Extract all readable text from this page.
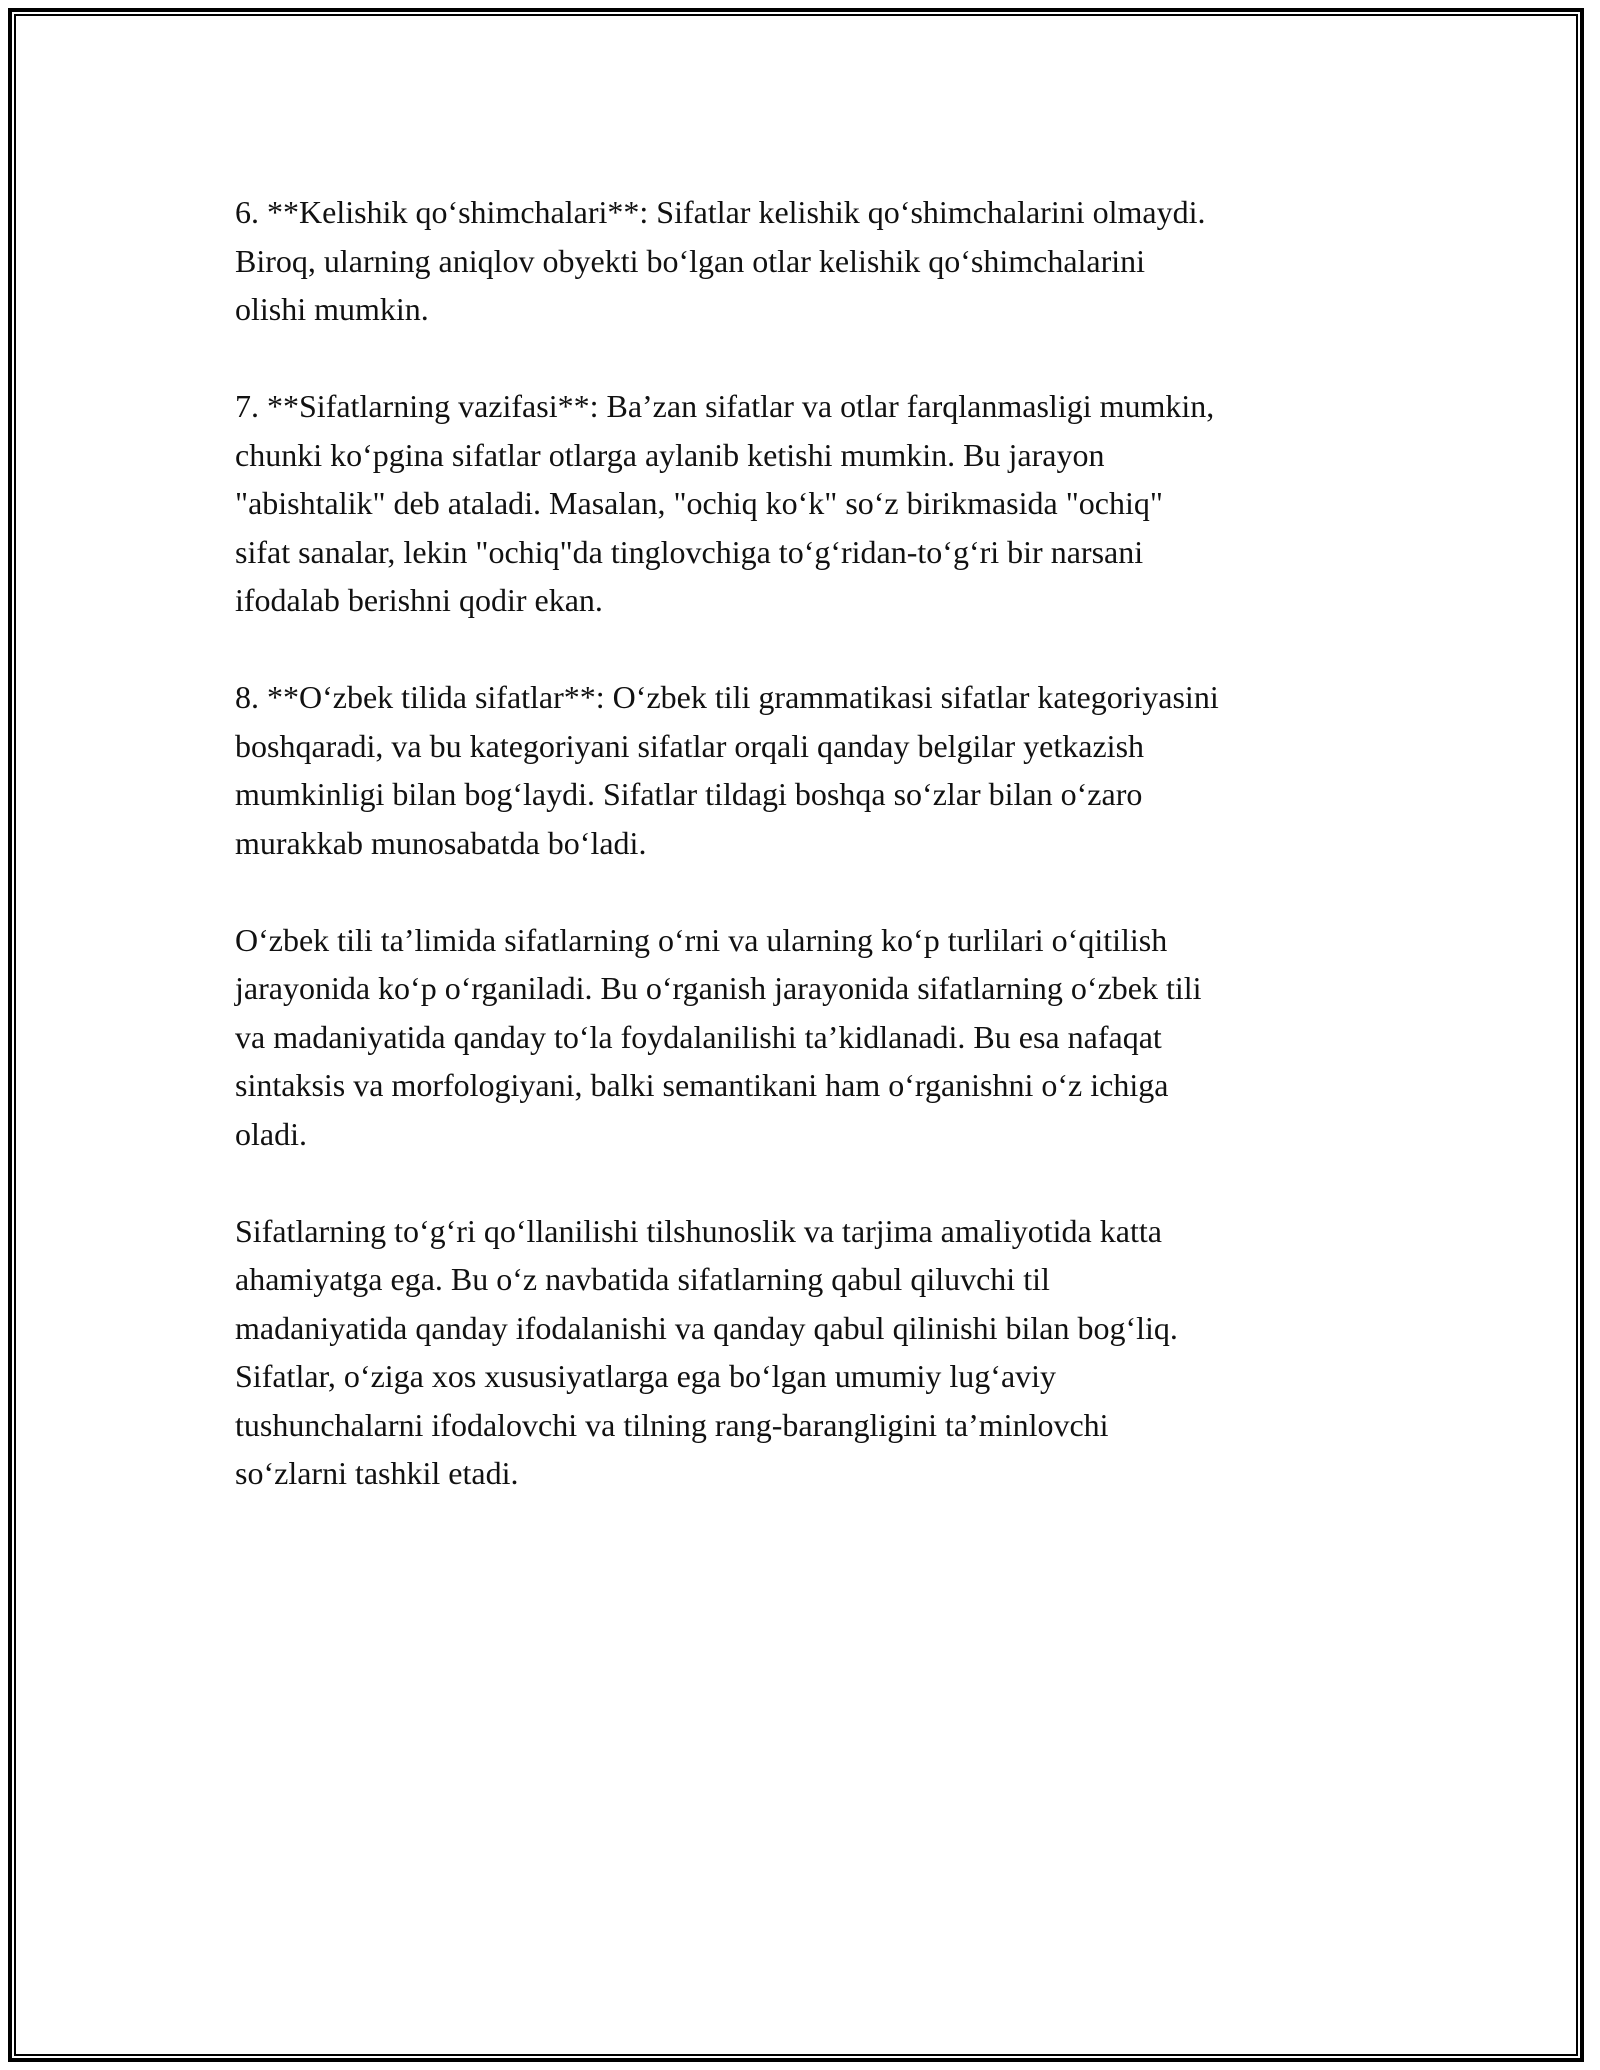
6. **Kelishik qo‘shimchalari**: Sifatlar kelishik qo‘shimchalarini olmaydi.
Biroq, ularning aniqlov obyekti bo‘lgan otlar kelishik qo‘shimchalarini
olishi mumkin.

7. **Sifatlarning vazifasi**: Ba’zan sifatlar va otlar farqlanmasligi mumkin,
chunki ko‘pgina sifatlar otlarga aylanib ketishi mumkin. Bu jarayon
"abishtalik" deb ataladi. Masalan, "ochiq ko‘k" so‘z birikmasida "ochiq"
sifat sanalar, lekin "ochiq"da tinglovchiga to‘g‘ridan-to‘g‘ri bir narsani
ifodalab berishni qodir ekan.

8. **O‘zbek tilida sifatlar**: O‘zbek tili grammatikasi sifatlar kategoriyasini
boshqaradi, va bu kategoriyani sifatlar orqali qanday belgilar yetkazish
mumkinligi bilan bog‘laydi. Sifatlar tildagi boshqa so‘zlar bilan o‘zaro
murakkab munosabatda bo‘ladi.

O‘zbek tili ta’limida sifatlarning o‘rni va ularning ko‘p turlilari o‘qitilish
jarayonida ko‘p o‘rganiladi. Bu o‘rganish jarayonida sifatlarning o‘zbek tili
va madaniyatida qanday to‘la foydalanilishi ta’kidlanadi. Bu esa nafaqat
sintaksis va morfologiyani, balki semantikani ham o‘rganishni o‘z ichiga
oladi.

Sifatlarning to‘g‘ri qo‘llanilishi tilshunoslik va tarjima amaliyotida katta
ahamiyatga ega. Bu o‘z navbatida sifatlarning qabul qiluvchi til
madaniyatida qanday ifodalanishi va qanday qabul qilinishi bilan bog‘liq.
Sifatlar, o‘ziga xos xususiyatlarga ega bo‘lgan umumiy lug‘aviy
tushunchalarni ifodalovchi va tilning rang-barangligini ta’minlovchi
so‘zlarni tashkil etadi.
